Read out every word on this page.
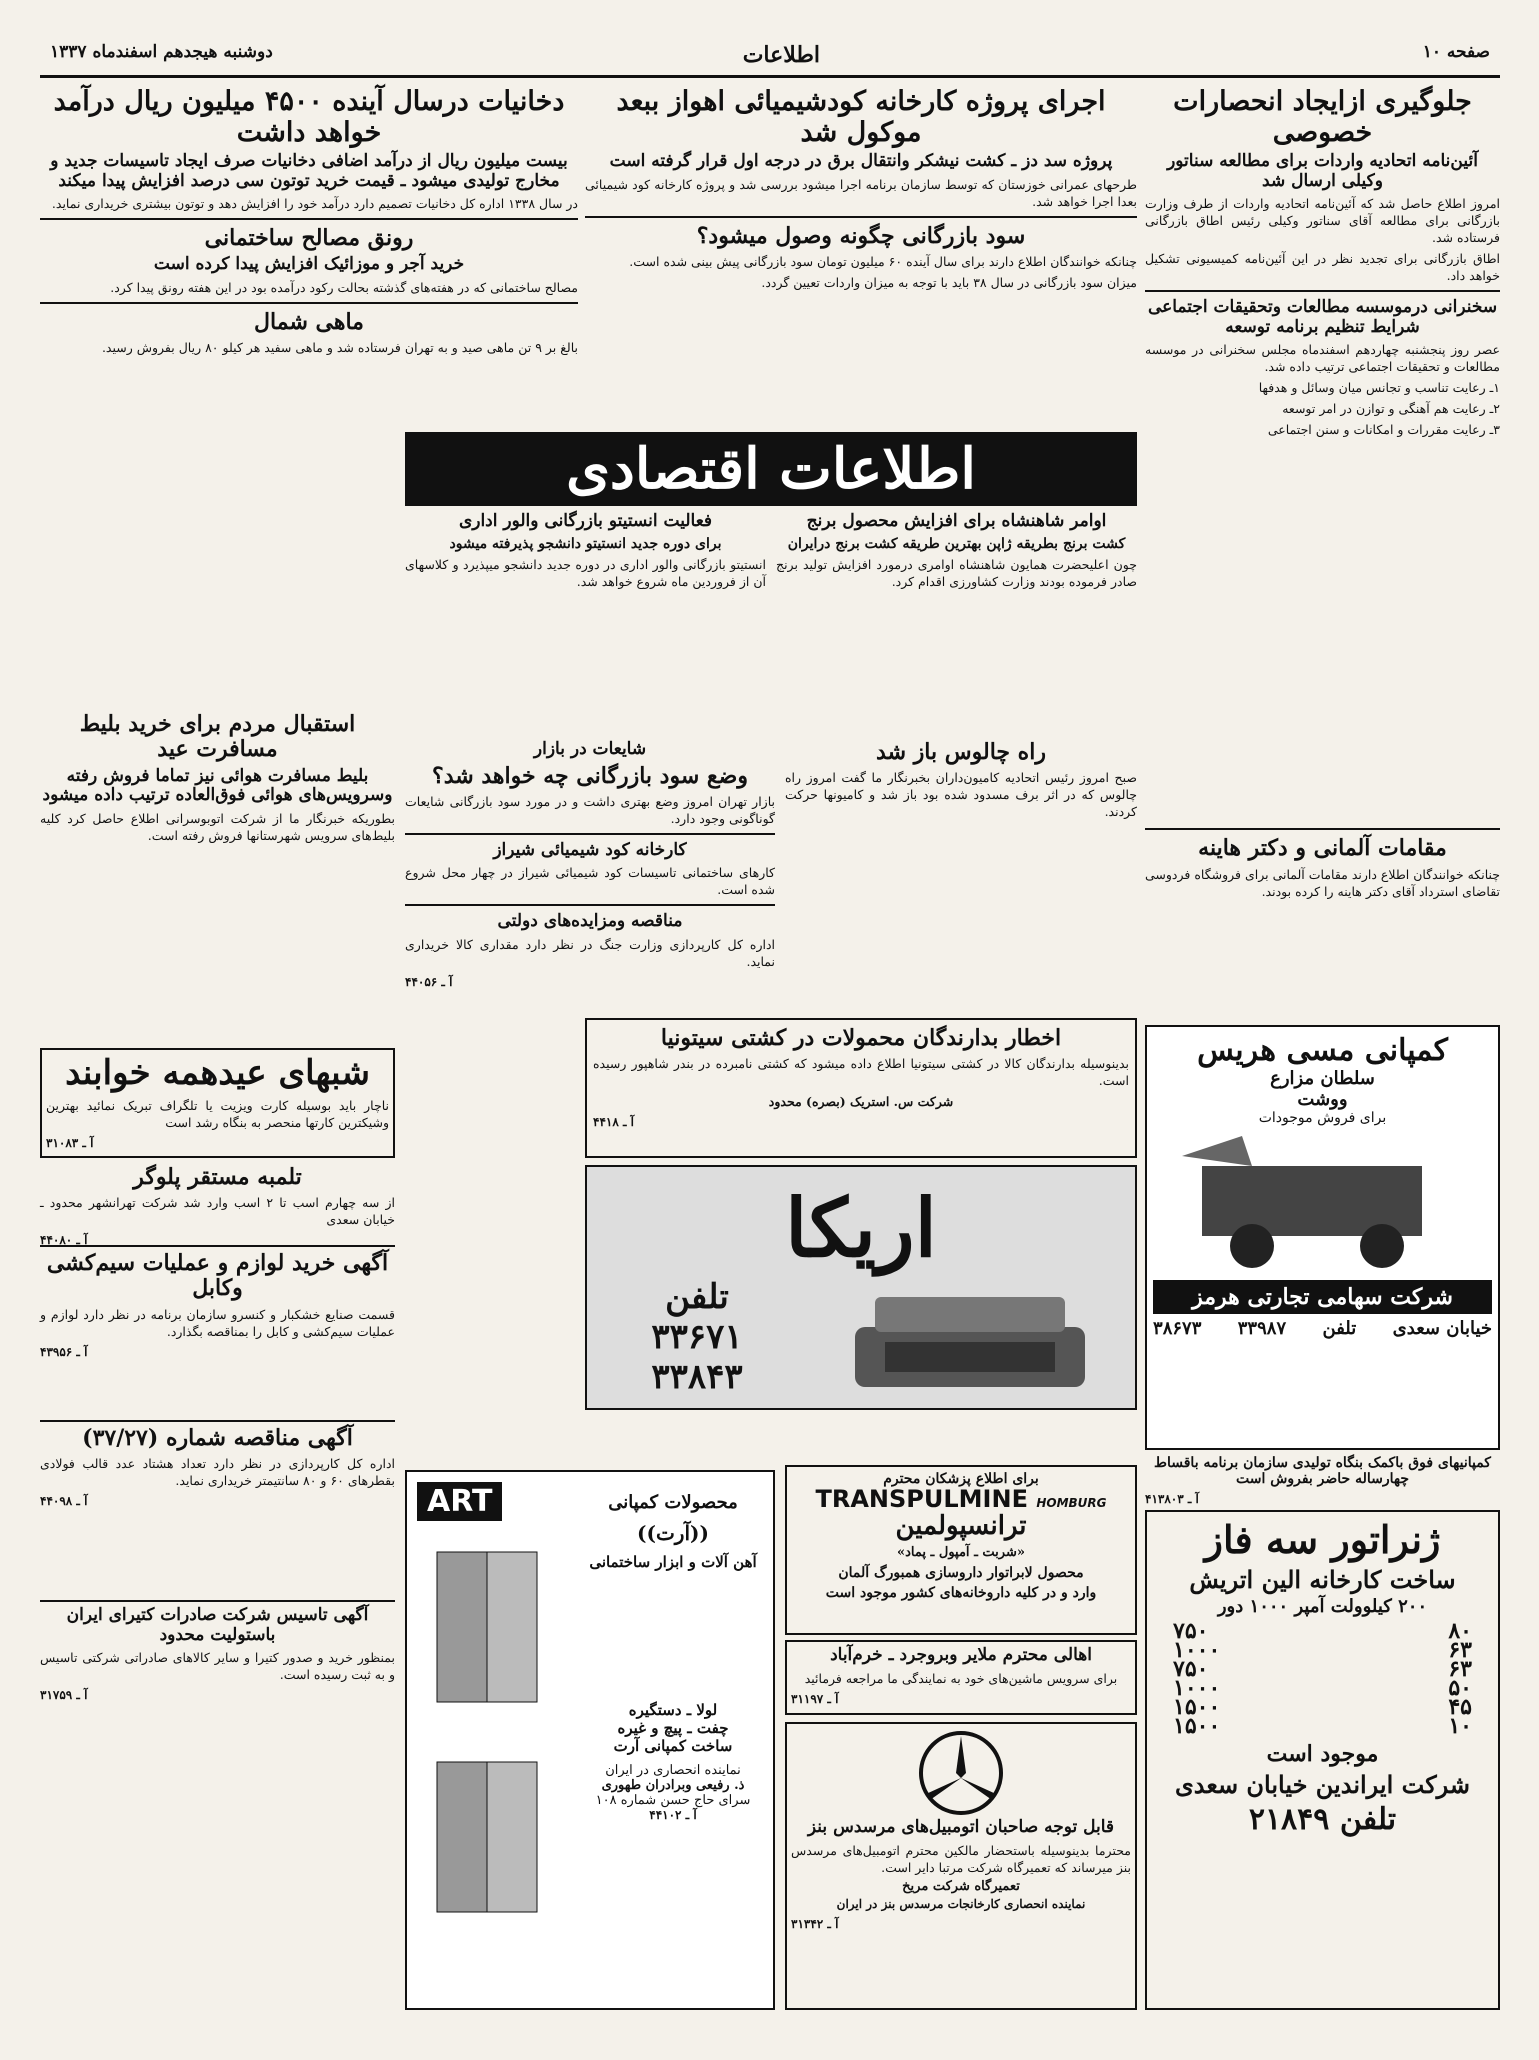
صفحه ۱۰
اطلاعات
دوشنبه هیجدهم اسفندماه ۱۳۳۷
جلوگیری ازایجاد انحصارات خصوصی
آئین‌نامه اتحادیه واردات برای مطالعه سناتور وکیلی ارسال شد

امروز اطلاع حاصل شد که آئین‌نامه اتحادیه واردات از طرف وزارت بازرگانی برای مطالعه آقای سناتور وکیلی رئیس اطاق بازرگانی فرستاده شد.

اطاق بازرگانی برای تجدید نظر در این آئین‌نامه کمیسیونی تشکیل خواهد داد.

سخنرانی درموسسه مطالعات وتحقیقات اجتماعی شرایط تنظیم برنامه توسعه

عصر روز پنجشنبه چهاردهم اسفندماه مجلس سخنرانی در موسسه مطالعات و تحقیقات اجتماعی ترتیب داده شد.

۱ـ رعایت تناسب و تجانس میان وسائل و هدفها

۲ـ رعایت هم آهنگی و توازن در امر توسعه

۳ـ رعایت مقررات و امکانات و سنن اجتماعی

مقامات آلمانی و دکتر هاینه

چنانکه خوانندگان اطلاع دارند مقامات آلمانی برای فروشگاه فردوسی تقاضای استرداد آقای دکتر هاینه را کرده بودند.

اجرای پروژه کارخانه کودشیمیائی اهواز ببعد موکول شد
پروژه سد دز ـ کشت نیشکر وانتقال برق در درجه اول قرار گرفته است

طرحهای عمرانی خوزستان که توسط سازمان برنامه اجرا میشود بررسی شد و پروژه کارخانه کود شیمیائی بعدا اجرا خواهد شد.

سود بازرگانی چگونه وصول میشود؟

چنانکه خوانندگان اطلاع دارند برای سال آینده ۶۰ میلیون تومان سود بازرگانی پیش بینی شده است.

میزان سود بازرگانی در سال ۳۸ باید با توجه به میزان واردات تعیین گردد.

دخانیات درسال آینده ۴۵۰۰ میلیون ریال درآمد خواهد داشت
بیست میلیون ریال از درآمد اضافی دخانیات صرف ایجاد تاسیسات جدید و مخارج تولیدی میشود ـ قیمت خرید توتون سی درصد افزایش پیدا میکند

در سال ۱۳۳۸ اداره کل دخانیات تصمیم دارد درآمد خود را افزایش دهد و توتون بیشتری خریداری نماید.

رونق مصالح ساختمانی
خرید آجر و موزائیک افزایش پیدا کرده است

مصالح ساختمانی که در هفته‌های گذشته بحالت رکود درآمده بود در این هفته رونق پیدا کرد.

ماهی شمال

بالغ بر ۹ تن ماهی صید و به تهران فرستاده شد و ماهی سفید هر کیلو ۸۰ ریال بفروش رسید.

اطلاعات اقتصادی
اوامر شاهنشاه برای افزایش محصول برنج
کشت برنج بطریقه ژاپن بهترین طریقه کشت برنج درایران

چون اعلیحضرت همایون شاهنشاه اوامری درمورد افزایش تولید برنج صادر فرموده بودند وزارت کشاورزی اقدام کرد.

فعالیت انستیتو بازرگانی والور اداری
برای دوره جدید انستیتو دانشجو پذیرفته میشود

انستیتو بازرگانی والور اداری در دوره جدید دانشجو میپذیرد و کلاسهای آن از فروردین ماه شروع خواهد شد.

شایعات در بازار
وضع سود بازرگانی چه خواهد شد؟

بازار تهران امروز وضع بهتری داشت و در مورد سود بازرگانی شایعات گوناگونی وجود دارد.

کارخانه کود شیمیائی شیراز

کارهای ساختمانی تاسیسات کود شیمیائی شیراز در چهار محل شروع شده است.

مناقصه ومزایده‌های دولتی

اداره کل کارپردازی وزارت جنگ در نظر دارد مقداری کالا خریداری نماید.

آ ـ ۴۴۰۵۶
راه چالوس باز شد

صبح امروز رئیس اتحادیه کامیون‌داران بخبرنگار ما گفت امروز راه چالوس که در اثر برف مسدود شده بود باز شد و کامیونها حرکت کردند.

استقبال مردم برای خرید بلیط مسافرت عید
بلیط مسافرت هوائی نیز تماما فروش رفته وسرویس‌های هوائی فوق‌العاده ترتیب داده میشود

بطوریکه خبرنگار ما از شرکت اتوبوسرانی اطلاع حاصل کرد کلیه بلیط‌های سرویس شهرستانها فروش رفته است.

اخطار بدارندگان محمولات در کشتی سیتونیا

بدینوسیله بدارندگان کالا در کشتی سیتونیا اطلاع داده میشود که کشتی نامبرده در بندر شاهپور رسیده است.

شرکت س. استریک (بصره) محدود

آ ـ ۴۴۱۸
اریکا
تلفن
۳۳۶۷۱
۳۳۸۴۳
کمپانی مسی هریس
سلطان مزارع
ووشت
برای فروش موجودات
شرکت سهامی تجارتی هرمز
خیابان سعدی
تلفن
۳۳۹۸۷
۳۸۶۷۳
کمپانیهای فوق باکمک بنگاه تولیدی سازمان برنامه باقساط چهارساله حاضر بفروش است
آ ـ ۴۱۳۸۰۳
شبهای عیدهمه خوابند

ناچار باید بوسیله کارت ویزیت یا تلگراف تبریک نمائید بهترین وشیکترین کارتها منحصر به بنگاه رشد است

آ ـ ۳۱۰۸۳
تلمبه مستقر پلوگر

از سه چهارم اسب تا ۲ اسب وارد شد شرکت تهرانشهر محدود ـ خیابان سعدی

آ ـ ۴۴۰۸۰
آگهی خرید لوازم و عملیات سیم‌کشی وکابل

قسمت صنایع خشکبار و کنسرو سازمان برنامه در نظر دارد لوازم و عملیات سیم‌کشی و کابل را بمناقصه بگذارد.

آ ـ ۴۳۹۵۶
آگهی مناقصه شماره (۳۷/۲۷)

اداره کل کارپردازی در نظر دارد تعداد هشتاد عدد قالب فولادی بقطرهای ۶۰ و ۸۰ سانتیمتر خریداری نماید.

آ ـ ۴۴۰۹۸
آگهی تاسیس شرکت صادرات کتیرای ایران باستولیت محدود

بمنظور خرید و صدور کتیرا و سایر کالاهای صادراتی شرکتی تاسیس و به ثبت رسیده است.

آ ـ ۳۱۷۵۹
ART	محصولات کمپانی
((آرت))
آهن آلات و ابزار ساختمانی
لولا ـ دستگیره
چفت ـ پیچ و غیره
ساخت کمپانی آرت
نماینده انحصاری در ایران
ذ. رفیعی وبرادران طهوری
سرای حاج حسن شماره ۱۰۸
آ ـ ۴۴۱۰۲
برای اطلاع پزشکان محترم
TRANSPULMINE HOMBURG
ترانسپولمین
«شربت ـ آمپول ـ پماد»
محصول لابراتوار داروسازی همبورگ آلمان
وارد و در کلیه داروخانه‌های کشور موجود است
اهالی محترم ملایر وبروجرد ـ خرم‌آباد

برای سرویس ماشین‌های خود به نمایندگی ما مراجعه فرمائید

آ ـ ۳۱۱۹۷
قابل توجه صاحبان اتومبیل‌های مرسدس بنز

محترما بدینوسیله باستحضار مالکین محترم اتومبیل‌های مرسدس بنز میرساند که تعمیرگاه شرکت مرتبا دایر است.

تعمیرگاه شرکت مریخ
نماینده انحصاری کارخانجات مرسدس بنز در ایران
آ ـ ۳۱۳۴۲
ژنراتور سه فاز
ساخت کارخانه الین اتریش
۲۰۰ کیلوولت آمپر ۱۰۰۰ دور
۸۰
۷۵۰
۶۳
۱۰۰۰
۶۳
۷۵۰
۵۰
۱۰۰۰
۴۵
۱۵۰۰
۱۰
۱۵۰۰
موجود است
شرکت ایراندین خیابان سعدی
تلفن ۲۱۸۴۹
